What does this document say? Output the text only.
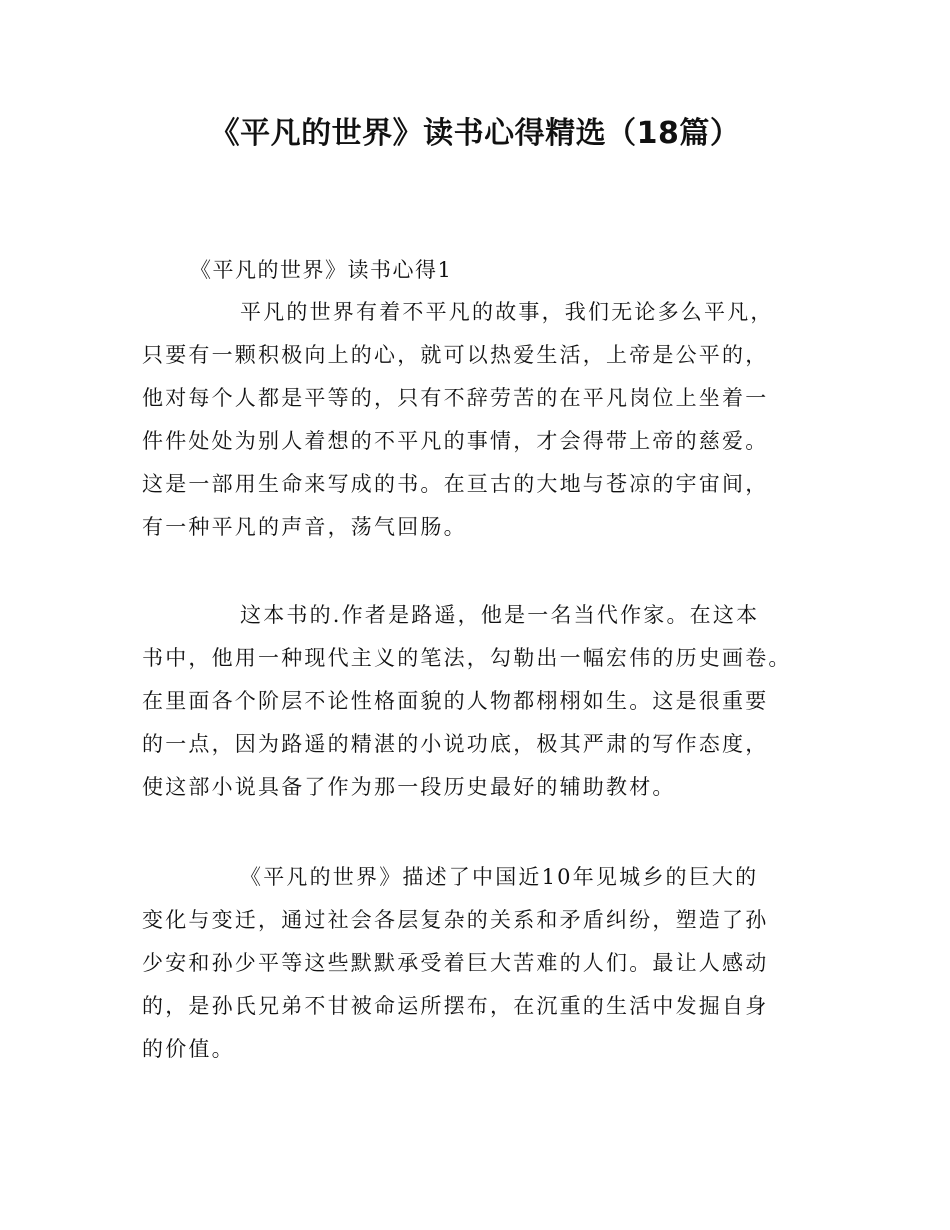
《平凡的世界》读书心得精选（18篇）
《平凡的世界》读书心得1
平凡的世界有着不平凡的故事，我们无论多么平凡，
只要有一颗积极向上的心，就可以热爱生活，上帝是公平的，
他对每个人都是平等的，只有不辞劳苦的在平凡岗位上坐着一
件件处处为别人着想的不平凡的事情，才会得带上帝的慈爱。
这是一部用生命来写成的书。在亘古的大地与苍凉的宇宙间，
有一种平凡的声音，荡气回肠。
这本书的.作者是路遥，他是一名当代作家。在这本
书中，他用一种现代主义的笔法，勾勒出一幅宏伟的历史画卷。
在里面各个阶层不论性格面貌的人物都栩栩如生。这是很重要
的一点，因为路遥的精湛的小说功底，极其严肃的写作态度，
使这部小说具备了作为那一段历史最好的辅助教材。
《平凡的世界》描述了中国近10年见城乡的巨大的
变化与变迁，通过社会各层复杂的关系和矛盾纠纷，塑造了孙
少安和孙少平等这些默默承受着巨大苦难的人们。最让人感动
的，是孙氏兄弟不甘被命运所摆布，在沉重的生活中发掘自身
的价值。
